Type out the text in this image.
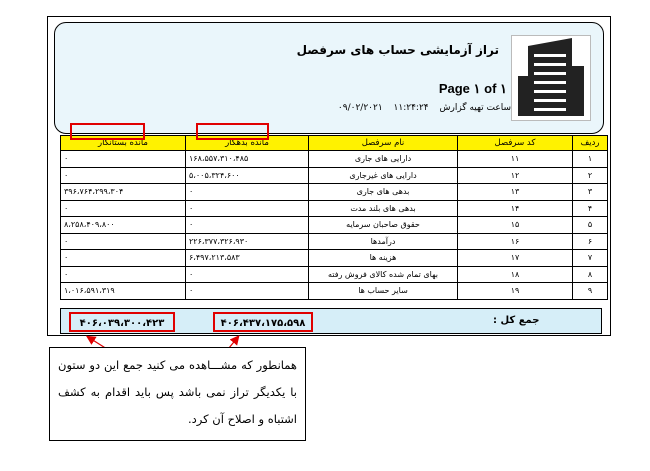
تراز آزمایشی حساب های سرفصل
Page ۱ of ۱
ساعت تهیه گزارش ۱۱:۲۴:۲۴ ۰۹/۰۲/۲۰۲۱
ردیف	کد سرفصل	نام سرفصل	مانده بدهکار	مانده بستانکار
۱	۱۱	دارایی های جاری	۱۶۸،۵۵۷،۳۱۰،۴۸۵	۰
۲	۱۲	دارایی های غیرجاری	۵،۰۰۵،۳۲۴،۶۰۰	۰
۳	۱۳	بدهی های جاری	۰	۳۹۶،۷۶۴،۲۹۹،۳۰۴
۴	۱۴	بدهی های بلند مدت	۰	۰
۵	۱۵	حقوق صاحبان سرمایه	۰	۸،۲۵۸،۴۰۹،۸۰۰
۶	۱۶	درآمدها	۲۲۶،۳۷۷،۳۲۶،۹۳۰	۰
۷	۱۷	هزینه ها	۶،۴۹۷،۲۱۳،۵۸۳	۰
۸	۱۸	بهای تمام شده کالای فروش رفته	۰	۰
۹	۱۹	سایر حساب ها	۰	۱،۰۱۶،۵۹۱،۳۱۹
جمع کل :
۴۰۶،۴۳۷،۱۷۵،۵۹۸
۴۰۶،۰۳۹،۳۰۰،۴۲۳
همانطور که مشـــاهده می کنید جمع این دو ستون با یکدیگر تراز نمی باشد پس باید اقدام به کشف اشتباه و اصلاح آن کرد.
